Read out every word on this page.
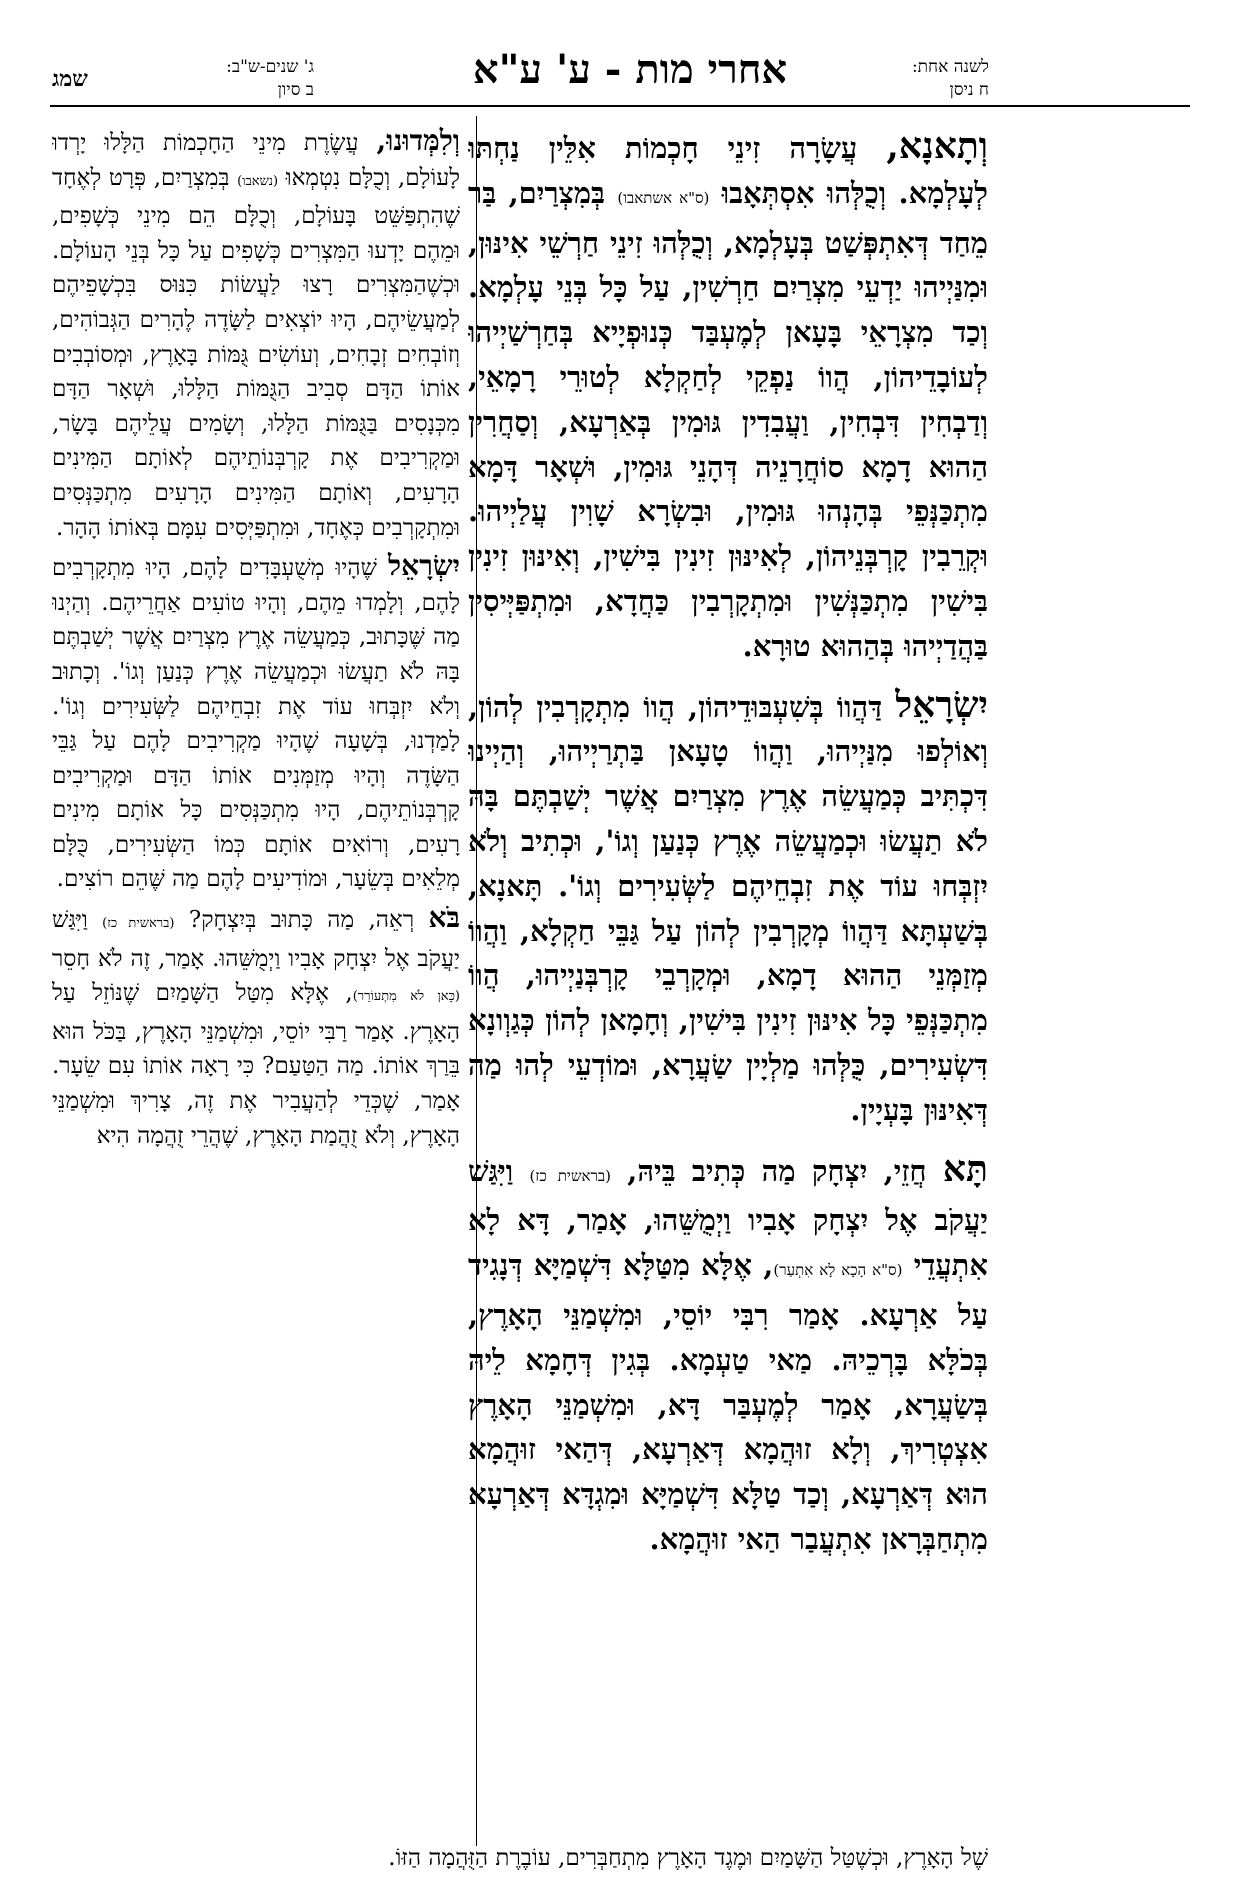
לשנה אחת:
ח ניסן
אחרי מות - ע' ע"א
ג' שנים-ש"ב:
ב סיון
שמג

וְתָאנָא, עֲשָׂרָה זִינֵי חָכְמוֹת אִלֵּין נַחְתּוּ לְעָלְמָא. וְכֻלְּהוּ אִסְתְּאָבוּ (ס"א אשתאבו) בְּמִצְרַיִם, בַּר מֵחַד דְּאִתְפְּשַׁט בְּעָלְמָא, וְכֻלְּהוּ זִינֵי חַרְשֵׁי אִינּוּן, וּמִנַּיְיהוּ יַדְעֵי מִצְרַיִם חַרְשִׁין, עַל כָּל בְּנֵי עָלְמָא. וְכַד מִצְרָאֵי בָּעָאן לְמֶעְבַּד כְּנוּפְיָיא בְּחַרְשַׁיְיהוּ לְעוֹבָדֵיהוֹן, הֲווֹ נַפְקֵי לְחַקְלָא לְטוּרֵי רָמָאֵי, וְדַבְחִין דִּבְחִין, וַעֲבִדִין גּוּמִין בְּאַרְעָא, וְסַחֲרִין הַהוּא דָמָא סוֹחֲרָנֵיה דְּהָנֵי גּוּמִין, וּשְׁאָר דָּמָא מִתְכַּנְּפֵי בְּהָנְהוּ גּוּמִין, וּבִשְׂרָא שָׁוִין עֲלַיְיהוּ. וּקְרֵבִין קָרְבְּנֵיהוֹן, לְאִינּוּן זִינִין בִּישִׁין, וְאִינּוּן זִינִין בִּישִׁין מִתְכַּנְּשִׁין וּמִתְקָרְבִין כַּחֲדָא, וּמִתְפַּיְּיסִין בַּהֲדַיְיהוּ בְּהַהוּא טוּרָא.

יִשְׂרָאֵל דַּהֲווֹ בְּשִׁעְבּוּדֵיהוֹן, הֲווֹ מִתְקָרְבִין לְהוֹן, וְאוֹלְפוּ מִנַּיְיהוּ, וַהֲווֹ טָעָאן בַּתְרַיְיהוּ, וְהַיְינוּ דִּכְתִּיב כְּמַעֲשֵׂה אֶרֶץ מִצְרַיִם אֲשֶׁר יְשַׁבְתֶּם בָּהּ לֹא תַעֲשׂוּ וּכְמַעֲשֵׂה אֶרֶץ כְּנַעַן וְגוֹ', וּכְתִיב וְלֹא יִזְבְּחוּ עוֹד אֶת זִבְחֵיהֶם לַשְּׂעִירִים וְגוֹ'. תָּאנָא, בְּשַׁעְתָּא דַּהֲווֹ מְקָרְבִין לְהוֹן עַל גַּבֵּי חַקְלָא, וַהֲווֹ מְזַמְּנֵי הַהוּא דָמָא, וּמְקָרְבֵי קָרְבְּנַיְיהוּ, הֲווֹ מִתְכַּנְּפֵי כָּל אִינּוּן זִינִין בִּישִׁין, וְחָמָאן לְהוֹן כְּגַוְונָא דִּשְׂעִירִים, כֻּלְּהוּ מַלְיָין שַׂעֲרָא, וּמוֹדְעֵי לְהוּ מַה דְּאִינּוּן בָּעְיָין.

תָּא חֲזֵי, יִצְחָק מַה כְּתִיב בֵּיהּ, (בראשית כז) וַיִּגַּשׁ יַעֲקֹב אֶל יִצְחָק אָבִיו וַיְמֻשֵּׁהוּ, אָמַר, דָּא לָא אִתְעֲדֵי (ס"א הָכָא לָא אִתְעַר), אֶלָּא מִטַּלָּא דִּשְׁמַיָּא דְּנָגִיד עַל אַרְעָא. אָמַר רִבִּי יוֹסֵי, וּמִשְׁמַנֵּי הָאָרֶץ, בְּכֹלָּא בָּרְכֵיהּ. מַאי טַעְמָא. בְּגִין דְּחָמָא לֵיהּ בְּשַׂעֲרָא, אָמַר לְמֶעְבַּר דָּא, וּמִשְׁמַנֵּי הָאָרֶץ אִצְטְרִיךְ, וְלָא זוּהֲמָא דְּאַרְעָא, דְּהַאי זוּהֲמָא הוּא דְּאַרְעָא, וְכַד טַלָּא דִּשְׁמַיָּא וּמִגְדָּא דְּאַרְעָא מִתְחַבְּרָאן אִתְעֲבַר הַאי זוּהֲמָא.

וְלִמְּדוּנוּ, עֲשֶׂרֶת מִינֵי הַחָכְמוֹת הַלָּלוּ יָרְדוּ לָעוֹלָם, וְכֻלָּם נִטְמְאוּ (נשאבו) בְּמִצְרַיִם, פְּרָט לְאֶחָד שֶׁהִתְפַּשֵּׁט בָּעוֹלָם, וְכֻלָּם הֵם מִינֵי כְּשָׁפִים, וּמֵהֶם יָדְעוּ הַמִּצְרִים כְּשָׁפִים עַל כָּל בְּנֵי הָעוֹלָם. וּכְשֶׁהַמִּצְרִים רָצוּ לַעֲשׂוֹת כִּנּוּס בִּכְשָׁפֵיהֶם לְמַעֲשֵׂיהֶם, הָיוּ יוֹצְאִים לַשָּׂדֶה לֶהָרִים הַגְּבוֹהִים, וְזוֹבְחִים זְבָחִים, וְעוֹשִׂים גֻּמּוֹת בָּאָרֶץ, וּמְסוֹבְבִים אוֹתוֹ הַדָּם סְבִיב הַגֻּמּוֹת הַלָּלוּ, וּשְׁאָר הַדָּם מִכְּנָסִים בַּגֻּמּוֹת הַלָּלוּ, וְשָׂמִים עֲלֵיהֶם בָּשָׂר, וּמַקְרִיבִים אֶת קָרְבְּנוֹתֵיהֶם לְאוֹתָם הַמִּינִים הָרָעִים, וְאוֹתָם הַמִּינִים הָרָעִים מִתְכַּנְּסִים וּמִתְקָרְבִים כְּאֶחָד, וּמִתְפַּיְּסִים עִמָּם בְּאוֹתוֹ הָהָר.

יִשְׂרָאֵל שֶׁהָיוּ מְשֻׁעְבָּדִים לָהֶם, הָיוּ מִתְקָרְבִים לָהֶם, וְלָמְדוּ מֵהֶם, וְהָיוּ טוֹעִים אַחֲרֵיהֶם. וְהַיְנוּ מַה שֶּׁכָּתוּב, כְּמַעֲשֵׂה אֶרֶץ מִצְרַיִם אֲשֶׁר יְשַׁבְתֶּם בָּהּ לֹא תַעֲשׂוּ וּכְמַעֲשֵׂה אֶרֶץ כְּנַעַן וְגוֹ'. וְכָתוּב וְלֹא יִזְבְּחוּ עוֹד אֶת זִבְחֵיהֶם לַשְּׂעִירִים וְגוֹ'. לָמַדְנוּ, בְּשָׁעָה שֶׁהָיוּ מַקְרִיבִים לָהֶם עַל גַּבֵּי הַשָּׂדֶה וְהָיוּ מְזַמְּנִים אוֹתוֹ הַדָּם וּמַקְרִיבִים קָרְבְּנוֹתֵיהֶם, הָיוּ מִתְכַּנְּסִים כָּל אוֹתָם מִינִים רָעִים, וְרוֹאִים אוֹתָם כְּמוֹ הַשְּׂעִירִים, כֻּלָּם מְלֵאִים בְּשֵׂעָר, וּמוֹדִיעִים לָהֶם מַה שֶּׁהֵם רוֹצִים.

בֹּא רְאֵה, מַה כָּתוּב בְּיִצְחָק? (בראשית כז) וַיִּגַּשׁ יַעֲקֹב אֶל יִצְחָק אָבִיו וַיְמֻשֵּׁהוּ. אָמַר, זֶה לֹא חָסֵר (כָּאן לֹא מִתְעוֹרֵר), אֶלָּא מִטַּל הַשָּׁמַיִם שֶׁנּוֹזֵל עַל הָאָרֶץ. אָמַר רַבִּי יוֹסֵי, וּמִשְׁמַנֵּי הָאָרֶץ, בַּכֹּל הוּא בֵּרַךְ אוֹתוֹ. מַה הַטַּעַם? כִּי רָאָה אוֹתוֹ עִם שֵׂעָר. אָמַר, שֶׁכְּדֵי לְהַעֲבִיר אֶת זֶה, צָרִיךְ וּמִשְׁמַנֵּי הָאָרֶץ, וְלֹא זֻהֲמַת הָאָרֶץ, שֶׁהֲרֵי זֻהֲמָה הִיא

שֶׁל הָאָרֶץ, וּכְשֶׁטַּל הַשָּׁמַיִם וּמֶגֶד הָאָרֶץ מִתְחַבְּרִים, עוֹבֶרֶת הַזֻּהֲמָה הַזּוֹ.
